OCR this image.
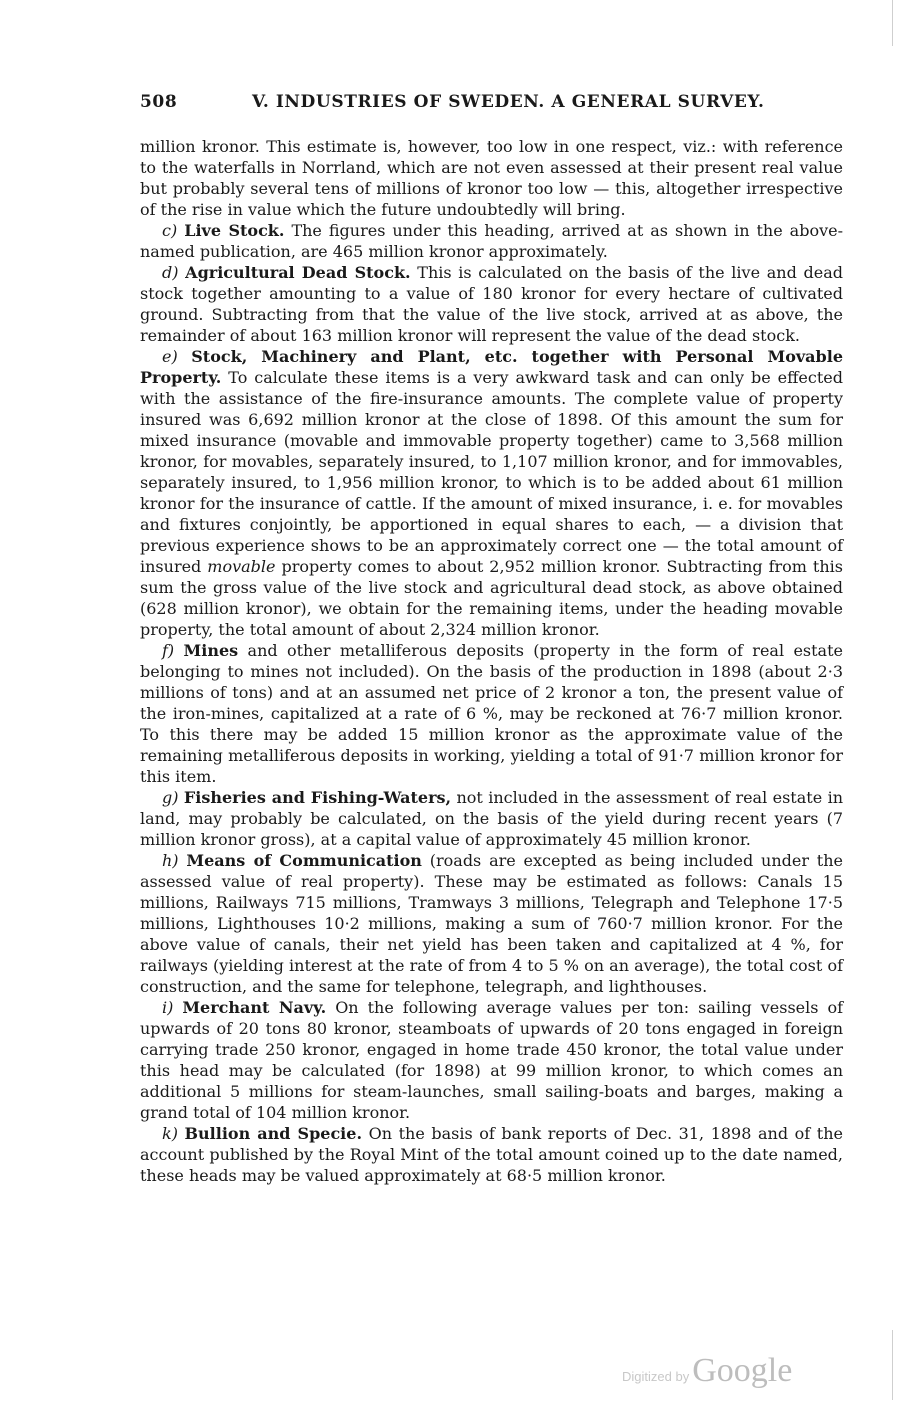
508	V. INDUSTRIES OF SWEDEN. A GENERAL SURVEY.

million kronor. This estimate is, however, too low in one respect, viz.: with reference to the waterfalls in Norrland, which are not even assessed at their present real value but probably several tens of millions of kronor too low — this, altogether irrespective of the rise in value which the future undoubtedly will bring.

c) Live Stock. The figures under this heading, arrived at as shown in the above-named publication, are 465 million kronor approximately.

d) Agricultural Dead Stock. This is calculated on the basis of the live and dead stock together amounting to a value of 180 kronor for every hectare of cultivated ground. Subtracting from that the value of the live stock, arrived at as above, the remainder of about 163 million kronor will represent the value of the dead stock.

e) Stock, Machinery and Plant, etc. together with Personal Movable Property. To calculate these items is a very awkward task and can only be effected with the assistance of the fire-insurance amounts. The complete value of property insured was 6,692 million kronor at the close of 1898. Of this amount the sum for mixed insurance (movable and immovable property together) came to 3,568 million kronor, for movables, separately insured, to 1,107 million kronor, and for immovables, separately insured, to 1,956 million kronor, to which is to be added about 61 million kronor for the insurance of cattle. If the amount of mixed insurance, i. e. for movables and fixtures conjointly, be apportioned in equal shares to each, — a division that previous experience shows to be an approximately correct one — the total amount of insured movable property comes to about 2,952 million kronor. Subtracting from this sum the gross value of the live stock and agricultural dead stock, as above obtained (628 million kronor), we obtain for the remaining items, under the heading movable property, the total amount of about 2,324 million kronor.

f) Mines and other metalliferous deposits (property in the form of real estate belonging to mines not included). On the basis of the production in 1898 (about 2·3 millions of tons) and at an assumed net price of 2 kronor a ton, the present value of the iron-mines, capitalized at a rate of 6 %, may be reckoned at 76·7 million kronor. To this there may be added 15 million kronor as the approximate value of the remaining metalliferous deposits in working, yielding a total of 91·7 million kronor for this item.

g) Fisheries and Fishing-Waters, not included in the assessment of real estate in land, may probably be calculated, on the basis of the yield during recent years (7 million kronor gross), at a capital value of approximately 45 million kronor.

h) Means of Communication (roads are excepted as being included under the assessed value of real property). These may be estimated as follows: Canals 15 millions, Railways 715 millions, Tramways 3 millions, Telegraph and Telephone 17·5 millions, Lighthouses 10·2 millions, making a sum of 760·7 million kronor. For the above value of canals, their net yield has been taken and capitalized at 4 %, for railways (yielding interest at the rate of from 4 to 5 % on an average), the total cost of construction, and the same for telephone, telegraph, and lighthouses.

i) Merchant Navy. On the following average values per ton: sailing vessels of upwards of 20 tons 80 kronor, steamboats of upwards of 20 tons engaged in foreign carrying trade 250 kronor, engaged in home trade 450 kronor, the total value under this head may be calculated (for 1898) at 99 million kronor, to which comes an additional 5 millions for steam-launches, small sailing-boats and barges, making a grand total of 104 million kronor.

k) Bullion and Specie. On the basis of bank reports of Dec. 31, 1898 and of the account published by the Royal Mint of the total amount coined up to the date named, these heads may be valued approximately at 68·5 million kronor.

Digitized by Google
